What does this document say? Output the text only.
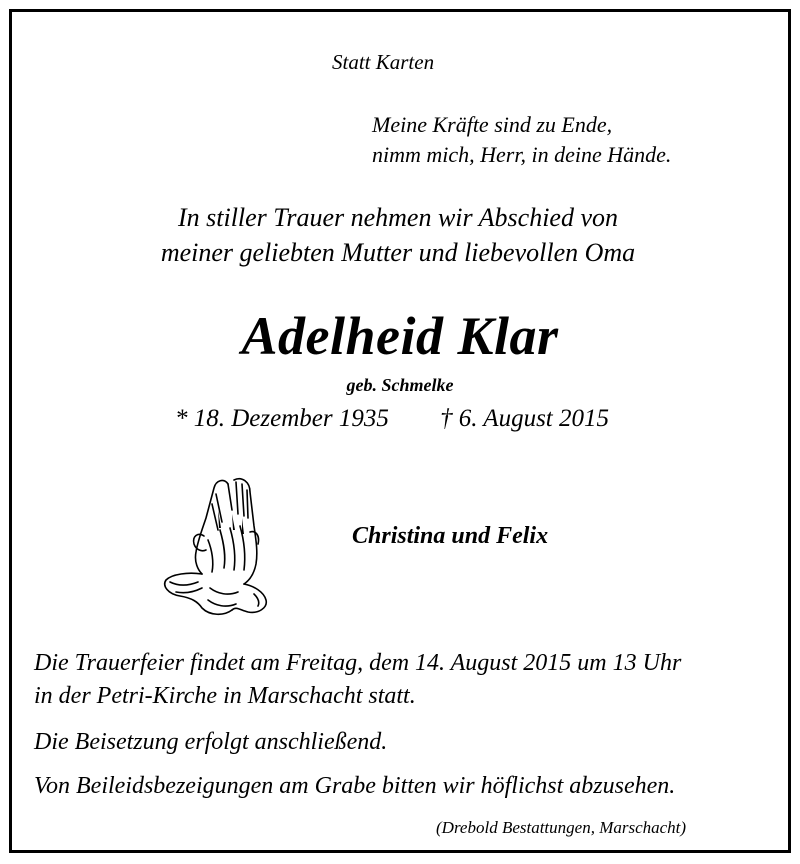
Statt Karten
Meine Kräfte sind zu Ende,
nimm mich, Herr, in deine Hände.
In stiller Trauer nehmen wir Abschied von
meiner geliebten Mutter und liebevollen Oma
Adelheid Klar
geb. Schmelke
* 18. Dezember 1935 † 6. August 2015
Christina und Felix
Die Trauerfeier findet am Freitag, dem 14. August 2015 um 13 Uhr
in der Petri-Kirche in Marschacht statt.
Die Beisetzung erfolgt anschließend.
Von Beileidsbezeigungen am Grabe bitten wir höflichst abzusehen.
(Drebold Bestattungen, Marschacht)
